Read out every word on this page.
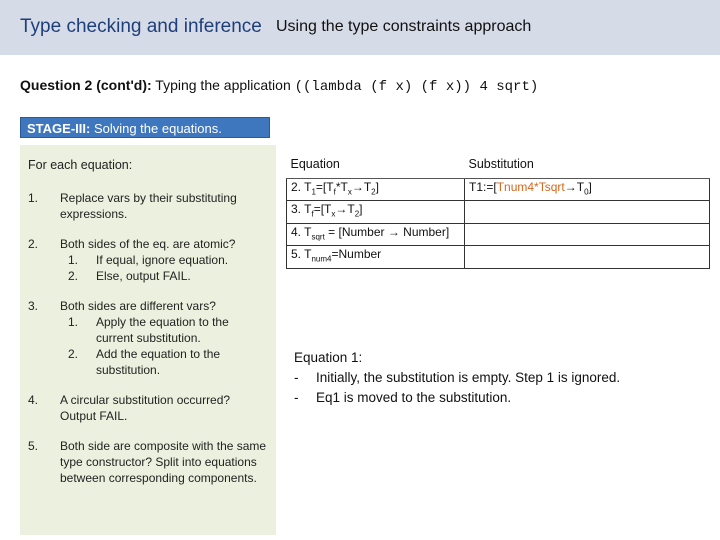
Type checking and inference Using the type constraints approach
Question 2 (cont'd): Typing the application ((lambda (f x) (f x)) 4 sqrt)
STAGE-III: Solving the equations.
For each equation:
1. Replace vars by their substituting expressions.
2. Both sides of the eq. are atomic?
1. If equal, ignore equation.
2. Else, output FAIL.
3. Both sides are different vars?
1. Apply the equation to the current substitution.
2. Add the equation to the substitution.
4. A circular substitution occurred? Output FAIL.
5. Both side are composite with the same type constructor? Split into equations between corresponding components.
Equation	Substitution

2. $T_1=[T_f*T_x\to T_2]$	$T1:=[Tnum4*Tsqrt\to T_0]$

3. $T_f=[T_x\to T_2]$	

4. $T_{sqrt}$ = [Number → Number]	

5. $T_{num4}=Number$	

Equation 1:
- Initially, the substitution is empty. Step 1 is ignored.
- Eq1 is moved to the substitution.
